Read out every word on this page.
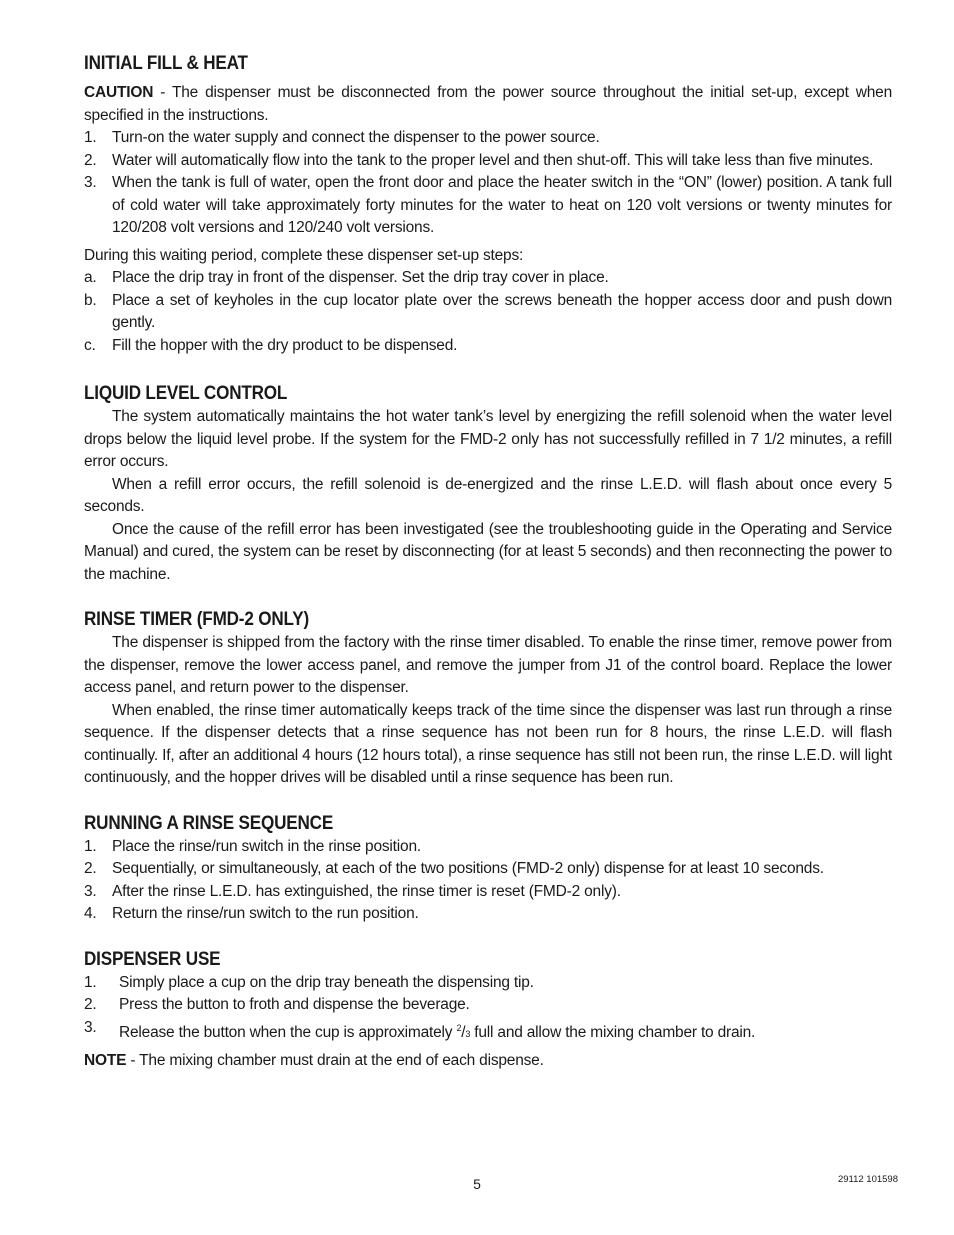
INITIAL FILL & HEAT

CAUTION - The dispenser must be disconnected from the power source throughout the initial set-up, except when specified in the instructions.

1. Turn-on the water supply and connect the dispenser to the power source.
2. Water will automatically flow into the tank to the proper level and then shut-off. This will take less than five minutes.
3. When the tank is full of water, open the front door and place the heater switch in the “ON” (lower) position. A tank full of cold water will take approximately forty minutes for the water to heat on 120 volt versions or twenty minutes for 120/208 volt versions and 120/240 volt versions.

During this waiting period, complete these dispenser set-up steps:

a. Place the drip tray in front of the dispenser. Set the drip tray cover in place.
b. Place a set of keyholes in the cup locator plate over the screws beneath the hopper access door and push down gently.
c. Fill the hopper with the dry product to be dispensed.
LIQUID LEVEL CONTROL

The system automatically maintains the hot water tank’s level by energizing the refill solenoid when the water level drops below the liquid level probe. If the system for the FMD-2 only has not successfully refilled in 7 1/2 minutes, a refill error occurs.

When a refill error occurs, the refill solenoid is de-energized and the rinse L.E.D. will flash about once every 5 seconds.

Once the cause of the refill error has been investigated (see the troubleshooting guide in the Operating and Service Manual) and cured, the system can be reset by disconnecting (for at least 5 seconds) and then reconnecting the power to the machine.

RINSE TIMER (FMD-2 ONLY)

The dispenser is shipped from the factory with the rinse timer disabled. To enable the rinse timer, remove power from the dispenser, remove the lower access panel, and remove the jumper from J1 of the control board. Replace the lower access panel, and return power to the dispenser.

When enabled, the rinse timer automatically keeps track of the time since the dispenser was last run through a rinse sequence. If the dispenser detects that a rinse sequence has not been run for 8 hours, the rinse L.E.D. will flash continually. If, after an additional 4 hours (12 hours total), a rinse sequence has still not been run, the rinse L.E.D. will light continuously, and the hopper drives will be disabled until a rinse sequence has been run.

RUNNING A RINSE SEQUENCE
1. Place the rinse/run switch in the rinse position.
2. Sequentially, or simultaneously, at each of the two positions (FMD-2 only) dispense for at least 10 seconds.
3. After the rinse L.E.D. has extinguished, the rinse timer is reset (FMD-2 only).
4. Return the rinse/run switch to the run position.
DISPENSER USE
1. Simply place a cup on the drip tray beneath the dispensing tip.
2. Press the button to froth and dispense the beverage.
3. Release the button when the cup is approximately $^2$/3 full and allow the mixing chamber to drain.

NOTE - The mixing chamber must drain at the end of each dispense.

5	29112 101598
